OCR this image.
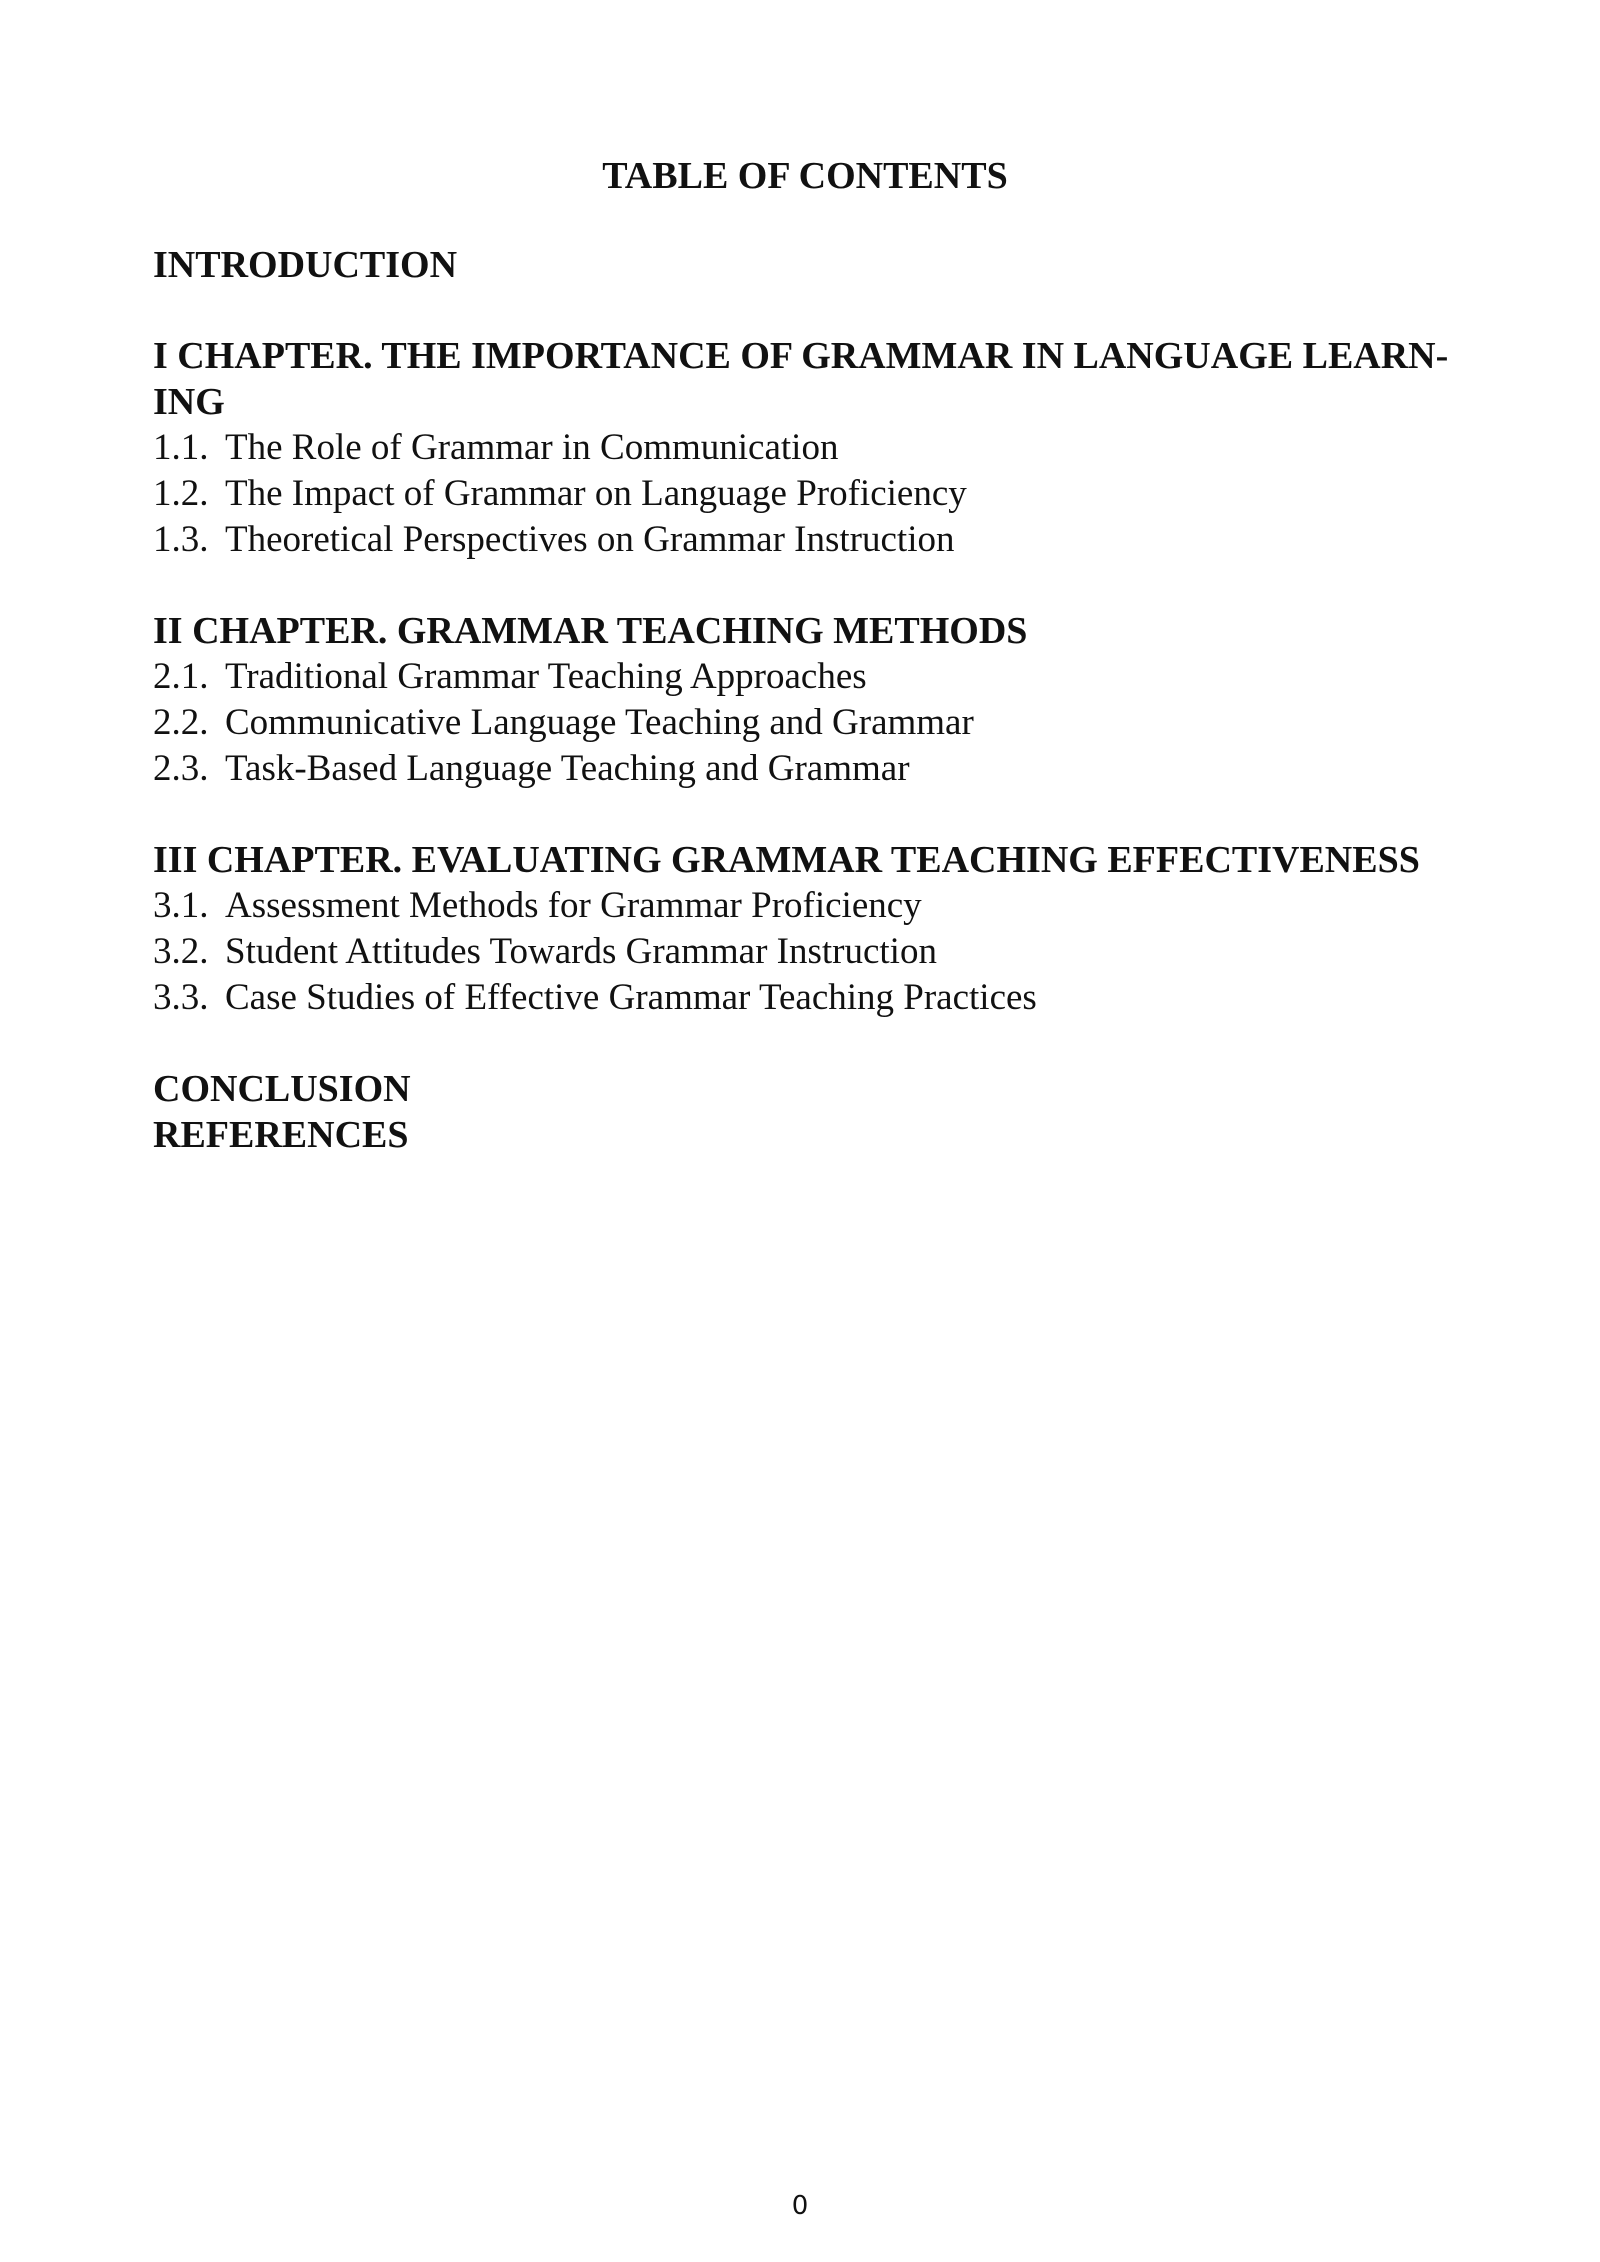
TABLE OF CONTENTS

INTRODUCTION

I CHAPTER. THE IMPORTANCE OF GRAMMAR IN LANGUAGE LEARN-

ING

1.1. The Role of Grammar in Communication

1.2. The Impact of Grammar on Language Proficiency

1.3. Theoretical Perspectives on Grammar Instruction

II CHAPTER. GRAMMAR TEACHING METHODS

2.1. Traditional Grammar Teaching Approaches

2.2. Communicative Language Teaching and Grammar

2.3. Task-Based Language Teaching and Grammar

III CHAPTER. EVALUATING GRAMMAR TEACHING EFFECTIVENESS

3.1. Assessment Methods for Grammar Proficiency

3.2. Student Attitudes Towards Grammar Instruction

3.3. Case Studies of Effective Grammar Teaching Practices

CONCLUSION

REFERENCES

0
